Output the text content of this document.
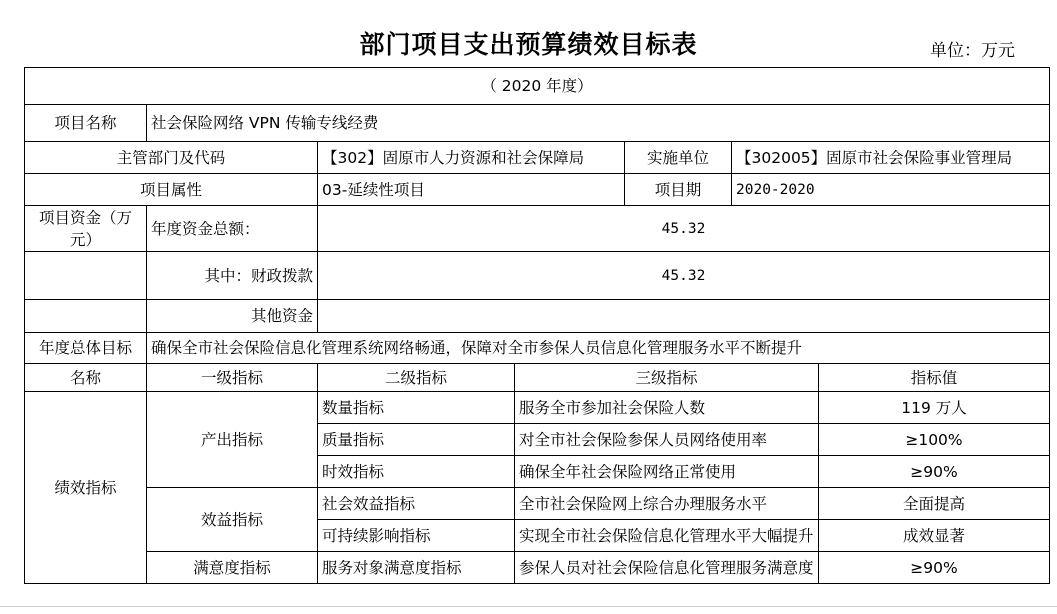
部门项目支出预算绩效目标表	单位：万元
（ 2020 年度）						
项目名称	社会保险网络 VPN 传输专线经费					
主管部门及代码		【302】固原市人力资源和社会保障局		实施单位	【302005】固原市社会保险事业管理局	
项目属性		03-延续性项目		项目期	2020-2020	
项目资金（万元）	年度资金总额：	45.32				
	其中：财政拨款	45.32				
	其他资金					
年度总体目标	确保全市社会保险信息化管理系统网络畅通，保障对全市参保人员信息化管理服务水平不断提升					
名称	一级指标	二级指标	三级指标			指标值
绩效指标	产出指标	数量指标	服务全市参加社会保险人数			119 万人
		质量指标	对全市社会保险参保人员网络使用率			≥100%
		时效指标	确保全年社会保险网络正常使用			≥90%
	效益指标	社会效益指标	全市社会保险网上综合办理服务水平			全面提高
		可持续影响指标	实现全市社会保险信息化管理水平大幅提升			成效显著
	满意度指标	服务对象满意度指标	参保人员对社会保险信息化管理服务满意度			≥90%
